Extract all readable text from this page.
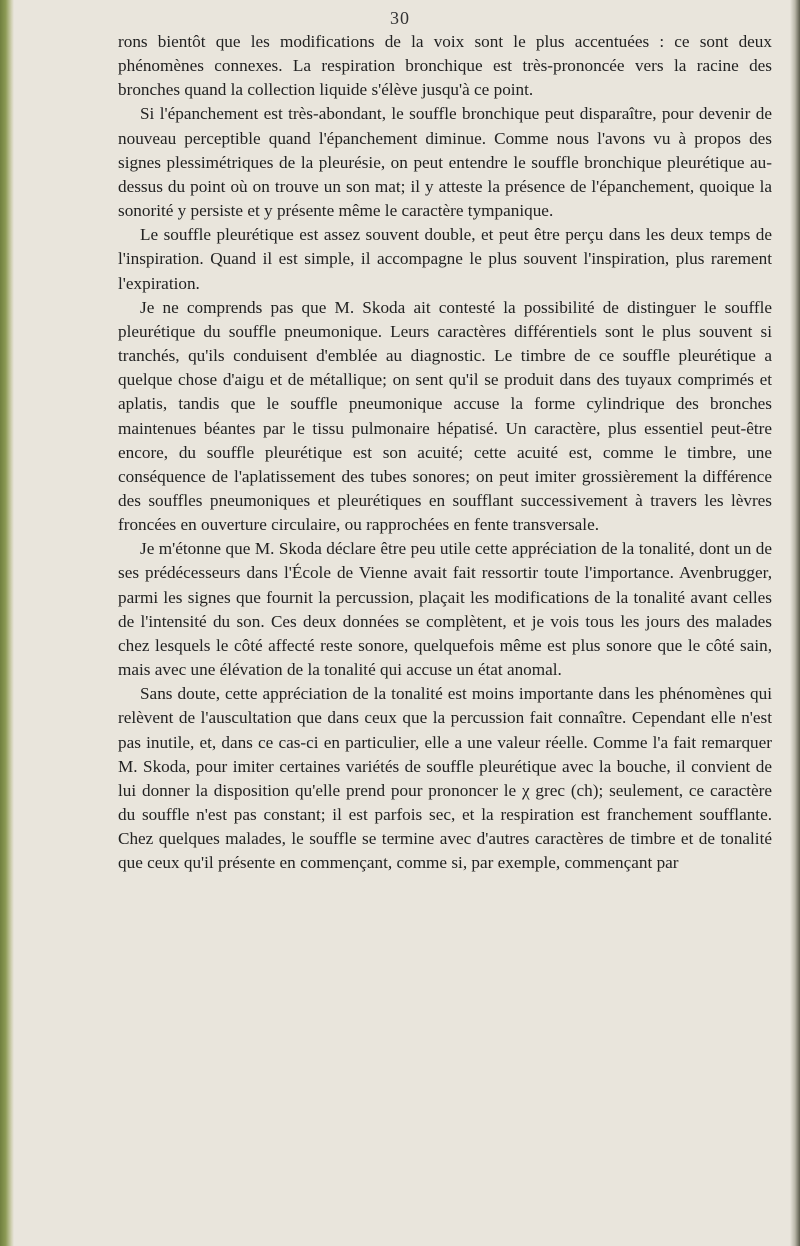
30

rons bientôt que les modifications de la voix sont le plus accentuées : ce sont deux phénomènes connexes. La respiration bronchique est très-prononcée vers la racine des bronches quand la collection liquide s'élève jusqu'à ce point.

Si l'épanchement est très-abondant, le souffle bronchique peut disparaître, pour devenir de nouveau perceptible quand l'épanchement diminue. Comme nous l'avons vu à propos des signes plessimétriques de la pleurésie, on peut entendre le souffle bronchique pleurétique au-dessus du point où on trouve un son mat; il y atteste la présence de l'épanchement, quoique la sonorité y persiste et y présente même le caractère tympanique.

Le souffle pleurétique est assez souvent double, et peut être perçu dans les deux temps de l'inspiration. Quand il est simple, il accompagne le plus souvent l'inspiration, plus rarement l'expiration.

Je ne comprends pas que M. Skoda ait contesté la possibilité de distinguer le souffle pleurétique du souffle pneumonique. Leurs caractères différentiels sont le plus souvent si tranchés, qu'ils conduisent d'emblée au diagnostic. Le timbre de ce souffle pleurétique a quelque chose d'aigu et de métallique; on sent qu'il se produit dans des tuyaux comprimés et aplatis, tandis que le souffle pneumonique accuse la forme cylindrique des bronches maintenues béantes par le tissu pulmonaire hépatisé. Un caractère, plus essentiel peut-être encore, du souffle pleurétique est son acuité; cette acuité est, comme le timbre, une conséquence de l'aplatissement des tubes sonores; on peut imiter grossièrement la différence des souffles pneumoniques et pleurétiques en soufflant successivement à travers les lèvres froncées en ouverture circulaire, ou rapprochées en fente transversale.

Je m'étonne que M. Skoda déclare être peu utile cette appréciation de la tonalité, dont un de ses prédécesseurs dans l'École de Vienne avait fait ressortir toute l'importance. Avenbrugger, parmi les signes que fournit la percussion, plaçait les modifications de la tonalité avant celles de l'intensité du son. Ces deux données se complètent, et je vois tous les jours des malades chez lesquels le côté affecté reste sonore, quelquefois même est plus sonore que le côté sain, mais avec une élévation de la tonalité qui accuse un état anomal.

Sans doute, cette appréciation de la tonalité est moins importante dans les phénomènes qui relèvent de l'auscultation que dans ceux que la percussion fait connaître. Cependant elle n'est pas inutile, et, dans ce cas-ci en particulier, elle a une valeur réelle. Comme l'a fait remarquer M. Skoda, pour imiter certaines variétés de souffle pleurétique avec la bouche, il convient de lui donner la disposition qu'elle prend pour prononcer le χ grec (ch); seulement, ce caractère du souffle n'est pas constant; il est parfois sec, et la respiration est franchement soufflante. Chez quelques malades, le souffle se termine avec d'autres caractères de timbre et de tonalité que ceux qu'il présente en commençant, comme si, par exemple, commençant par
